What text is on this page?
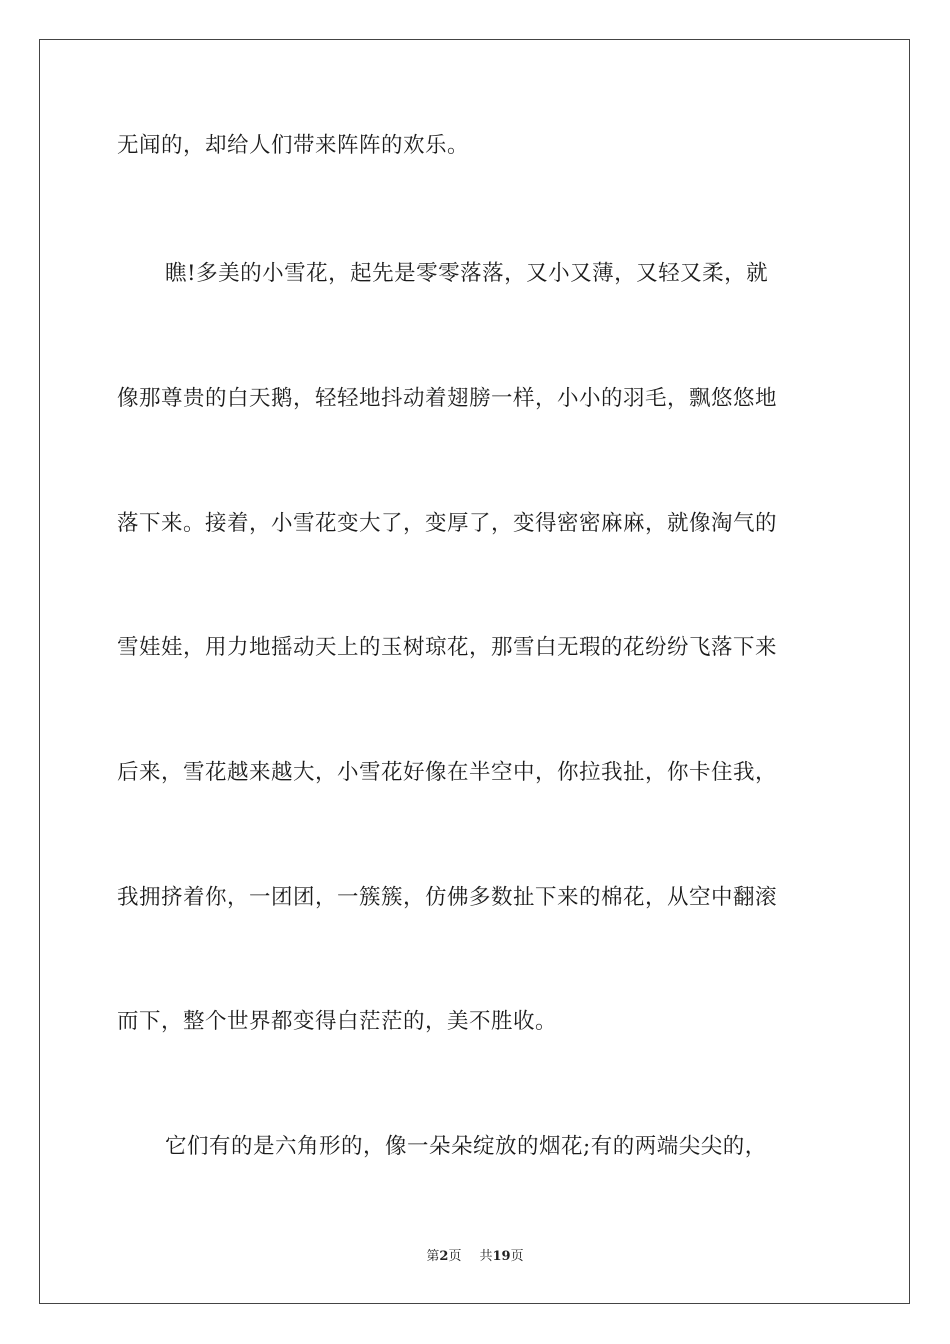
无闻的，却给人们带来阵阵的欢乐。
瞧!多美的小雪花，起先是零零落落，又小又薄，又轻又柔，就
像那尊贵的白天鹅，轻轻地抖动着翅膀一样，小小的羽毛，飘悠悠地
落下来。接着，小雪花变大了，变厚了，变得密密麻麻，就像淘气的
雪娃娃，用力地摇动天上的玉树琼花，那雪白无瑕的花纷纷飞落下来
后来，雪花越来越大，小雪花好像在半空中，你拉我扯，你卡住我，
我拥挤着你，一团团，一簇簇，仿佛多数扯下来的棉花，从空中翻滚
而下，整个世界都变得白茫茫的，美不胜收。
它们有的是六角形的，像一朵朵绽放的烟花;有的两端尖尖的，
第2页 共19页
